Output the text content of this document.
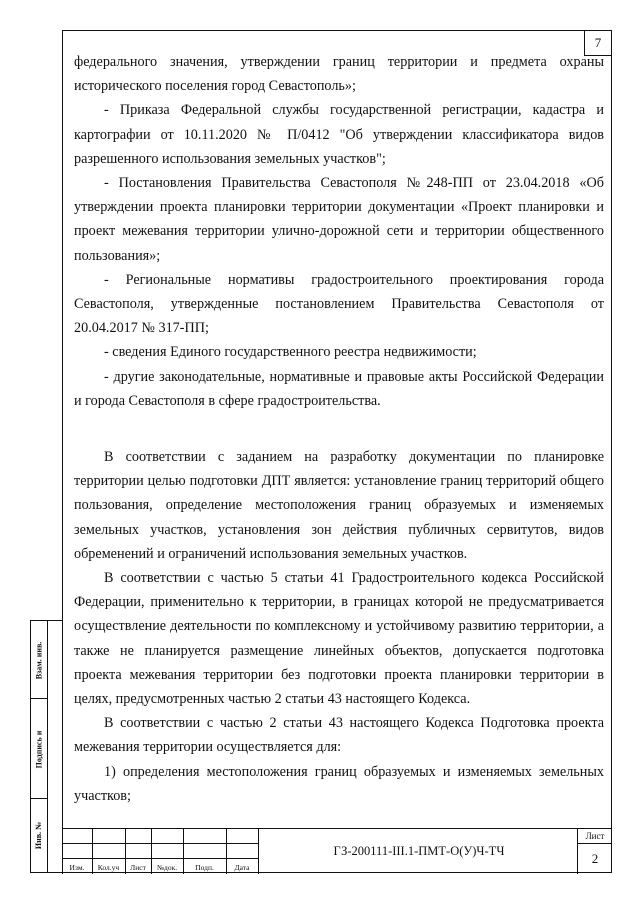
7

федерального значения, утверждении границ территории и предмета охраны исторического поселения город Севастополь»;

- Приказа Федеральной службы государственной регистрации, кадастра и картографии от 10.11.2020 № П/0412 "Об утверждении классификатора видов разрешенного использования земельных участков";

- Постановления Правительства Севастополя №248-ПП от 23.04.2018 «Об утверждении проекта планировки территории документации «Проект планировки и проект межевания территории улично-дорожной сети и территории общественного пользования»;

- Региональные нормативы градостроительного проектирования города Севастополя, утвержденные постановлением Правительства Севастополя от 20.04.2017 № 317-ПП;

- сведения Единого государственного реестра недвижимости;

- другие законодательные, нормативные и правовые акты Российской Федерации и города Севастополя в сфере градостроительства.

В соответствии с заданием на разработку документации по планировке территории целью подготовки ДПТ является: установление границ территорий общего пользования, определение местоположения границ образуемых и изменяемых земельных участков, установления зон действия публичных сервитутов, видов обременений и ограничений использования земельных участков.

В соответствии с частью 5 статьи 41 Градостроительного кодекса Российской Федерации, применительно к территории, в границах которой не предусматривается осуществление деятельности по комплексному и устойчивому развитию территории, а также не планируется размещение линейных объектов, допускается подготовка проекта межевания территории без подготовки проекта планировки территории в целях, предусмотренных частью 2 статьи 43 настоящего Кодекса.

В соответствии с частью 2 статьи 43 настоящего Кодекса Подготовка проекта межевания территории осуществляется для:

1) определения местоположения границ образуемых и изменяемых земельных участков;

Взам. инв.
Подпись и
Инв. №
Изм.	Кол.уч	Лист	№док.	Подп.	Дата
ГЗ-200111-III.1-ПМТ-О(У)Ч-ТЧ
Лист
2
